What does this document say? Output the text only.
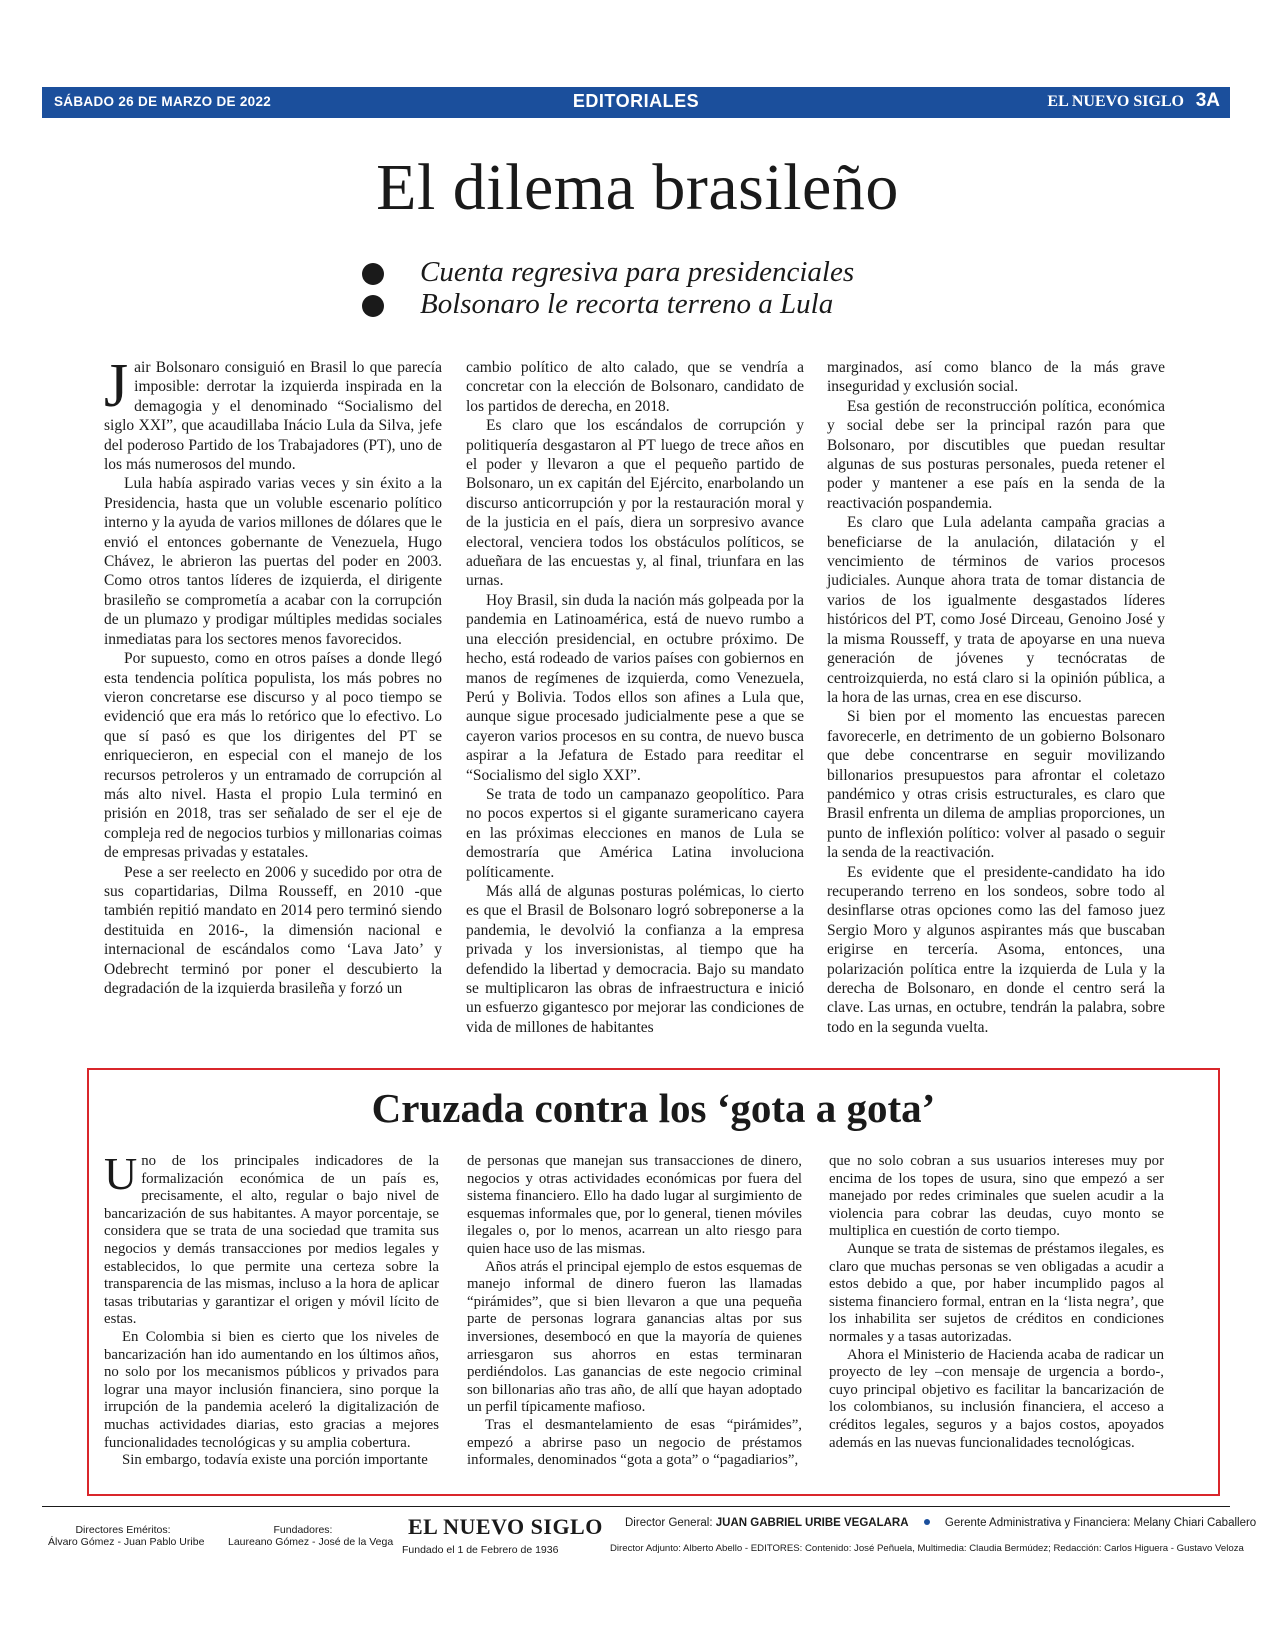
SÁBADO 26 DE MARZO DE 2022	EDITORIALES	EL NUEVO SIGLO 3A
El dilema brasileño
Cuenta regresiva para presidenciales
Bolsonaro le recorta terreno a Lula

Jair Bolsonaro consiguió en Brasil lo que parecía imposible: derrotar la izquierda inspirada en la demagogia y el denominado “Socialismo del siglo XXI”, que acaudillaba Inácio Lula da Silva, jefe del poderoso Partido de los Trabajadores (PT), uno de los más numerosos del mundo.

Lula había aspirado varias veces y sin éxito a la Presidencia, hasta que un voluble escenario político interno y la ayuda de varios millones de dólares que le envió el entonces gobernante de Venezuela, Hugo Chávez, le abrieron las puertas del poder en 2003. Como otros tantos líderes de izquierda, el dirigente brasileño se comprometía a acabar con la corrupción de un plumazo y prodigar múltiples medidas sociales inmediatas para los sectores menos favorecidos.

Por supuesto, como en otros países a donde llegó esta tendencia política populista, los más pobres no vieron concretarse ese discurso y al poco tiempo se evidenció que era más lo retórico que lo efectivo. Lo que sí pasó es que los dirigentes del PT se enriquecieron, en especial con el manejo de los recursos petroleros y un entramado de corrupción al más alto nivel. Hasta el propio Lula terminó en prisión en 2018, tras ser señalado de ser el eje de compleja red de negocios turbios y millonarias coimas de empresas privadas y estatales.

Pese a ser reelecto en 2006 y sucedido por otra de sus copartidarias, Dilma Rousseff, en 2010 -que también repitió mandato en 2014 pero terminó siendo destituida en 2016-, la dimensión nacional e internacional de escándalos como ‘Lava Jato’ y Odebrecht terminó por poner el descubierto la degradación de la izquierda brasileña y forzó un

cambio político de alto calado, que se vendría a concretar con la elección de Bolsonaro, candidato de los partidos de derecha, en 2018.

Es claro que los escándalos de corrupción y politiquería desgastaron al PT luego de trece años en el poder y llevaron a que el pequeño partido de Bolsonaro, un ex capitán del Ejército, enarbolando un discurso anticorrupción y por la restauración moral y de la justicia en el país, diera un sorpresivo avance electoral, venciera todos los obstáculos políticos, se adueñara de las encuestas y, al final, triunfara en las urnas.

Hoy Brasil, sin duda la nación más golpeada por la pandemia en Latinoamérica, está de nuevo rumbo a una elección presidencial, en octubre próximo. De hecho, está rodeado de varios países con gobiernos en manos de regímenes de izquierda, como Venezuela, Perú y Bolivia. Todos ellos son afines a Lula que, aunque sigue procesado judicialmente pese a que se cayeron varios procesos en su contra, de nuevo busca aspirar a la Jefatura de Estado para reeditar el “Socialismo del siglo XXI”.

Se trata de todo un campanazo geopolítico. Para no pocos expertos si el gigante suramericano cayera en las próximas elecciones en manos de Lula se demostraría que América Latina involuciona políticamente.

Más allá de algunas posturas polémicas, lo cierto es que el Brasil de Bolsonaro logró sobreponerse a la pandemia, le devolvió la confianza a la empresa privada y los inversionistas, al tiempo que ha defendido la libertad y democracia. Bajo su mandato se multiplicaron las obras de infraestructura e inició un esfuerzo gigantesco por mejorar las condiciones de vida de millones de habitantes

marginados, así como blanco de la más grave inseguridad y exclusión social.

Esa gestión de reconstrucción política, económica y social debe ser la principal razón para que Bolsonaro, por discutibles que puedan resultar algunas de sus posturas personales, pueda retener el poder y mantener a ese país en la senda de la reactivación pospandemia.

Es claro que Lula adelanta campaña gracias a beneficiarse de la anulación, dilatación y el vencimiento de términos de varios procesos judiciales. Aunque ahora trata de tomar distancia de varios de los igualmente desgastados líderes históricos del PT, como José Dirceau, Genoino José y la misma Rousseff, y trata de apoyarse en una nueva generación de jóvenes y tecnócratas de centroizquierda, no está claro si la opinión pública, a la hora de las urnas, crea en ese discurso.

Si bien por el momento las encuestas parecen favorecerle, en detrimento de un gobierno Bolsonaro que debe concentrarse en seguir movilizando billonarios presupuestos para afrontar el coletazo pandémico y otras crisis estructurales, es claro que Brasil enfrenta un dilema de amplias proporciones, un punto de inflexión político: volver al pasado o seguir la senda de la reactivación.

Es evidente que el presidente-candidato ha ido recuperando terreno en los sondeos, sobre todo al desinflarse otras opciones como las del famoso juez Sergio Moro y algunos aspirantes más que buscaban erigirse en tercería. Asoma, entonces, una polarización política entre la izquierda de Lula y la derecha de Bolsonaro, en donde el centro será la clave. Las urnas, en octubre, tendrán la palabra, sobre todo en la segunda vuelta.

Cruzada contra los ‘gota a gota’

Uno de los principales indicadores de la formalización económica de un país es, precisamente, el alto, regular o bajo nivel de bancarización de sus habitantes. A mayor porcentaje, se considera que se trata de una sociedad que tramita sus negocios y demás transacciones por medios legales y establecidos, lo que permite una certeza sobre la transparencia de las mismas, incluso a la hora de aplicar tasas tributarias y garantizar el origen y móvil lícito de estas.

En Colombia si bien es cierto que los niveles de bancarización han ido aumentando en los últimos años, no solo por los mecanismos públicos y privados para lograr una mayor inclusión financiera, sino porque la irrupción de la pandemia aceleró la digitalización de muchas actividades diarias, esto gracias a mejores funcionalidades tecnológicas y su amplia cobertura.

Sin embargo, todavía existe una porción importante

de personas que manejan sus transacciones de dinero, negocios y otras actividades económicas por fuera del sistema financiero. Ello ha dado lugar al surgimiento de esquemas informales que, por lo general, tienen móviles ilegales o, por lo menos, acarrean un alto riesgo para quien hace uso de las mismas.

Años atrás el principal ejemplo de estos esquemas de manejo informal de dinero fueron las llamadas “pirámides”, que si bien llevaron a que una pequeña parte de personas lograra ganancias altas por sus inversiones, desembocó en que la mayoría de quienes arriesgaron sus ahorros en estas terminaran perdiéndolos. Las ganancias de este negocio criminal son billonarias año tras año, de allí que hayan adoptado un perfil típicamente mafioso.

Tras el desmantelamiento de esas “pirámides”, empezó a abrirse paso un negocio de préstamos informales, denominados “gota a gota” o “pagadiarios”,

que no solo cobran a sus usuarios intereses muy por encima de los topes de usura, sino que empezó a ser manejado por redes criminales que suelen acudir a la violencia para cobrar las deudas, cuyo monto se multiplica en cuestión de corto tiempo.

Aunque se trata de sistemas de préstamos ilegales, es claro que muchas personas se ven obligadas a acudir a estos debido a que, por haber incumplido pagos al sistema financiero formal, entran en la ‘lista negra’, que los inhabilita ser sujetos de créditos en condiciones normales y a tasas autorizadas.

Ahora el Ministerio de Hacienda acaba de radicar un proyecto de ley –con mensaje de urgencia a bordo-, cuyo principal objetivo es facilitar la bancarización de los colombianos, su inclusión financiera, el acceso a créditos legales, seguros y a bajos costos, apoyados además en las nuevas funcionalidades tecnológicas.

Directores Eméritos:
Álvaro Gómez - Juan Pablo Uribe
Fundadores:
Laureano Gómez - José de la Vega
EL NUEVO SIGLO
Fundado el 1 de Febrero de 1936
Director General: JUAN GABRIEL URIBE VEGALARA	Gerente Administrativa y Financiera: Melany Chiari Caballero
Director Adjunto: Alberto Abello - EDITORES: Contenido: José Peñuela, Multimedia: Claudia Bermúdez; Redacción: Carlos Higuera - Gustavo Veloza
